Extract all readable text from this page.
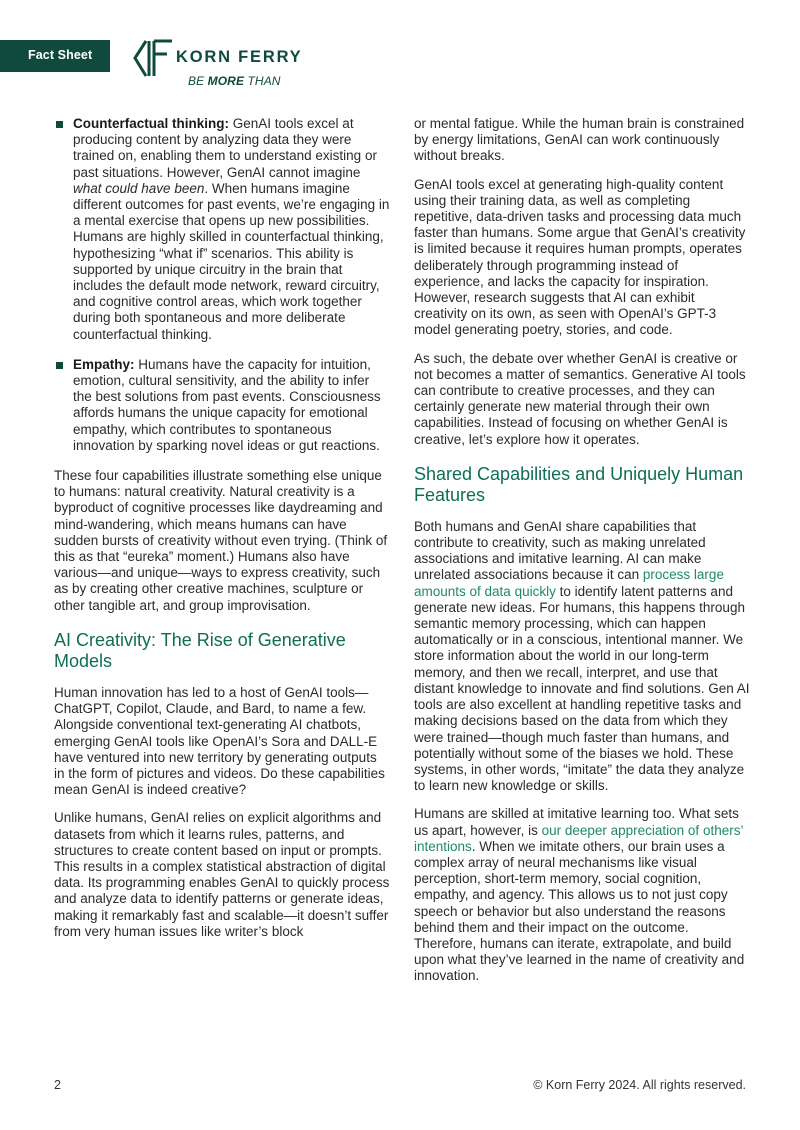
Fact Sheet	KORN FERRY
BE MORE THAN
Counterfactual thinking: GenAI tools excel at producing content by analyzing data they were trained on, enabling them to understand existing or past situations. However, GenAI cannot imagine what could have been. When humans imagine different outcomes for past events, we’re engaging in a mental exercise that opens up new possibilities. Humans are highly skilled in counterfactual thinking, hypothesizing “what if” scenarios. This ability is supported by unique circuitry in the brain that includes the default mode network, reward circuitry, and cognitive control areas, which work together during both spontaneous and more deliberate counterfactual thinking.
Empathy: Humans have the capacity for intuition, emotion, cultural sensitivity, and the ability to infer the best solutions from past events. Consciousness affords humans the unique capacity for emotional empathy, which contributes to spontaneous innovation by sparking novel ideas or gut reactions.

These four capabilities illustrate something else unique to humans: natural creativity. Natural creativity is a byproduct of cognitive processes like daydreaming and mind-wandering, which means humans can have sudden bursts of creativity without even trying. (Think of this as that “eureka” moment.) Humans also have various—and unique—ways to express creativity, such as by creating other creative machines, sculpture or other tangible art, and group improvisation.

AI Creativity: The Rise of Generative Models

Human innovation has led to a host of GenAI tools—ChatGPT, Copilot, Claude, and Bard, to name a few. Alongside conventional text-generating AI chatbots, emerging GenAI tools like OpenAI’s Sora and DALL-E have ventured into new territory by generating outputs in the form of pictures and videos. Do these capabilities mean GenAI is indeed creative?

Unlike humans, GenAI relies on explicit algorithms and datasets from which it learns rules, patterns, and structures to create content based on input or prompts. This results in a complex statistical abstraction of digital data. Its programming enables GenAI to quickly process and analyze data to identify patterns or generate ideas, making it remarkably fast and scalable—it doesn’t suffer from very human issues like writer’s block

or mental fatigue. While the human brain is constrained by energy limitations, GenAI can work continuously without breaks.

GenAI tools excel at generating high-quality content using their training data, as well as completing repetitive, data-driven tasks and processing data much faster than humans. Some argue that GenAI’s creativity is limited because it requires human prompts, operates deliberately through programming instead of experience, and lacks the capacity for inspiration. However, research suggests that AI can exhibit creativity on its own, as seen with OpenAI’s GPT-3 model generating poetry, stories, and code.

As such, the debate over whether GenAI is creative or not becomes a matter of semantics. Generative AI tools can contribute to creative processes, and they can certainly generate new material through their own capabilities. Instead of focusing on whether GenAI is creative, let’s explore how it operates.

Shared Capabilities and Uniquely Human Features

Both humans and GenAI share capabilities that contribute to creativity, such as making unrelated associations and imitative learning. AI can make unrelated associations because it can process large amounts of data quickly to identify latent patterns and generate new ideas. For humans, this happens through semantic memory processing, which can happen automatically or in a conscious, intentional manner. We store information about the world in our long-term memory, and then we recall, interpret, and use that distant knowledge to innovate and find solutions. Gen AI tools are also excellent at handling repetitive tasks and making decisions based on the data from which they were trained—though much faster than humans, and potentially without some of the biases we hold. These systems, in other words, “imitate” the data they analyze to learn new knowledge or skills.

Humans are skilled at imitative learning too. What sets us apart, however, is our deeper appreciation of others’ intentions. When we imitate others, our brain uses a complex array of neural mechanisms like visual perception, short-term memory, social cognition, empathy, and agency. This allows us to not just copy speech or behavior but also understand the reasons behind them and their impact on the outcome. Therefore, humans can iterate, extrapolate, and build upon what they’ve learned in the name of creativity and innovation.

2	© Korn Ferry 2024. All rights reserved.
